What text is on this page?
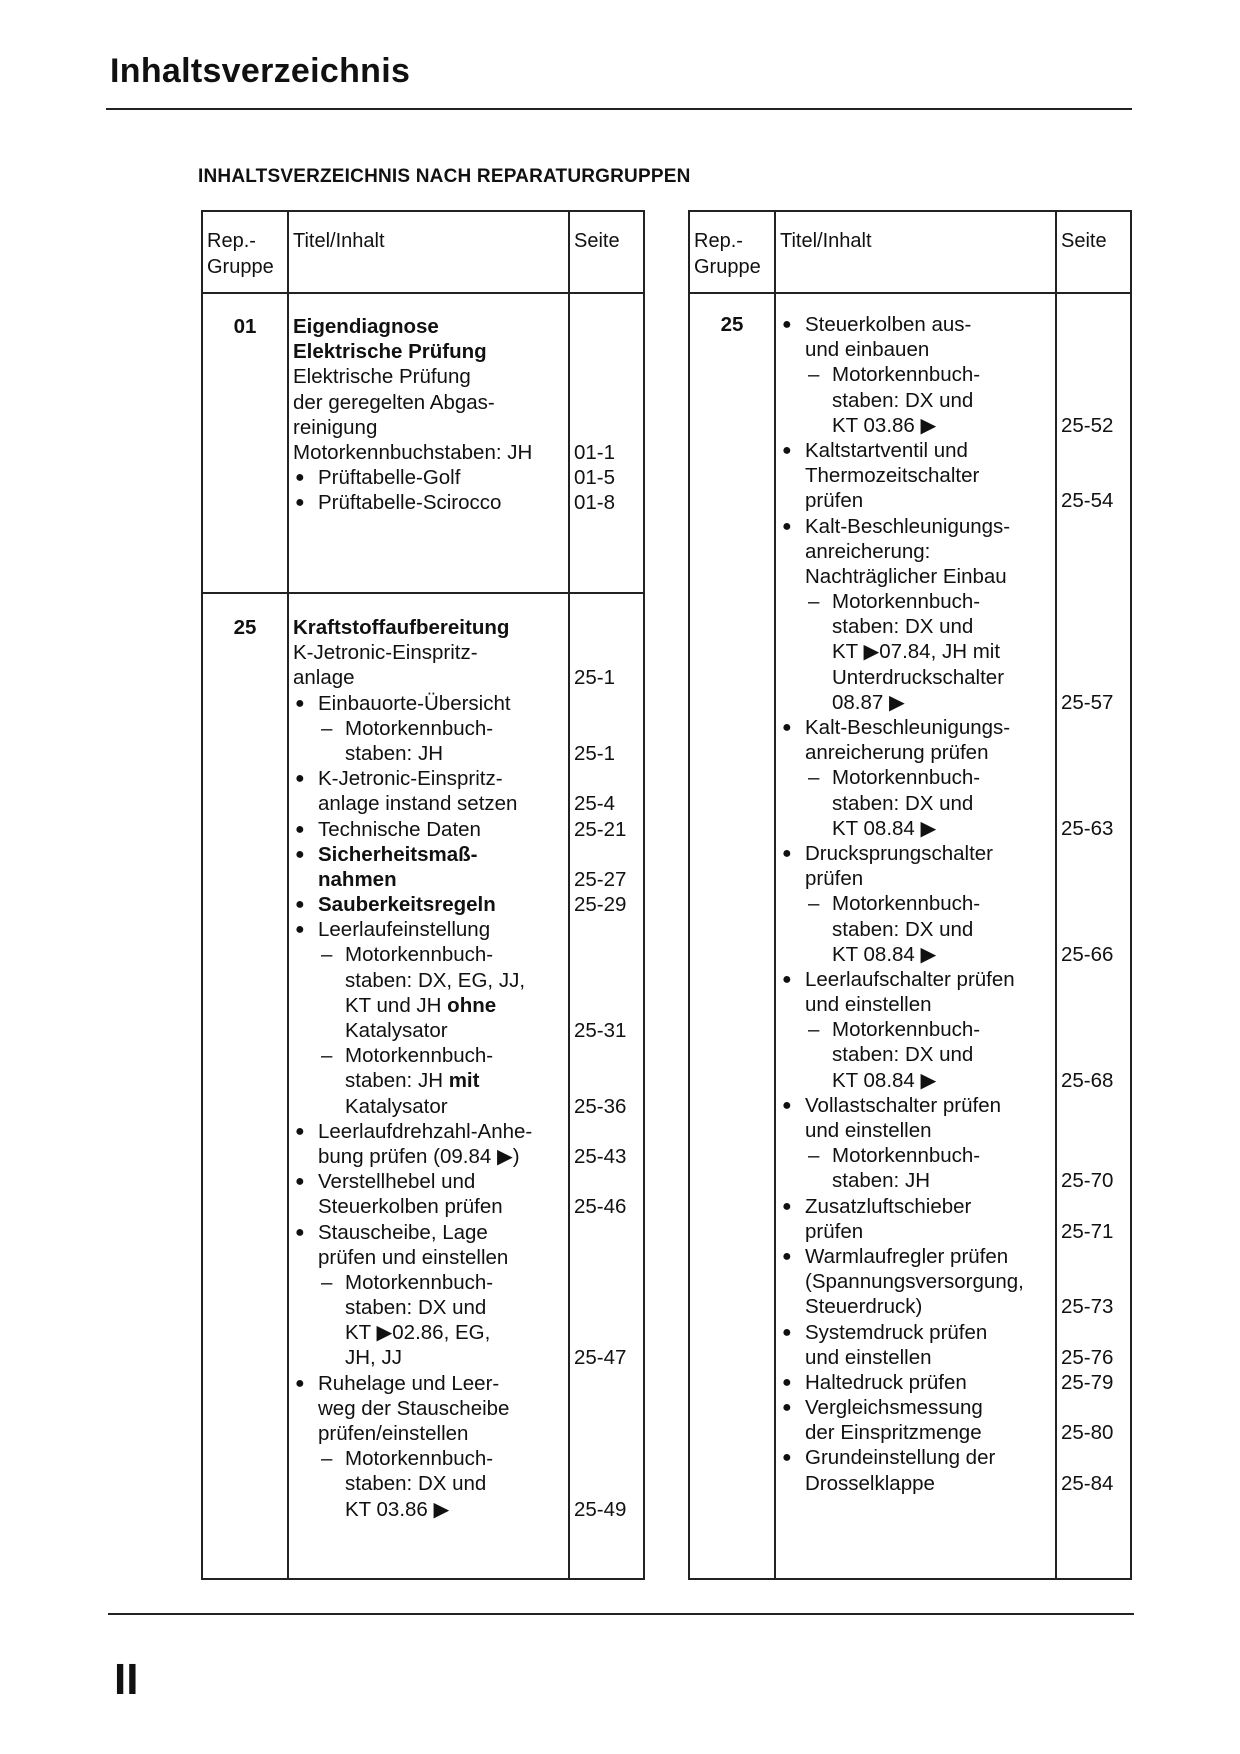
Inhaltsverzeichnis
INHALTSVERZEICHNIS NACH REPARATURGRUPPEN
Rep.-
Gruppe
Titel/Inhalt	Seite
01	Eigendiagnose
Elektrische Prüfung
Elektrische Prüfung
der geregelten Abgas-
reinigung
Motorkennbuchstaben: JH 01-1
● Prüftabelle-Golf	01-5
● Prüftabelle-Scirocco	01-8
25	Kraftstoffaufbereitung
K-Jetronic-Einspritz-
anlage	25-1
● Einbauorte-Übersicht
– Motorkennbuch-
staben: JH	25-1
● K-Jetronic-Einspritz-
anlage instand setzen	25-4
● Technische Daten	25-21
● Sicherheitsmaß-
nahmen	25-27
● Sauberkeitsregeln	25-29
● Leerlaufeinstellung
– Motorkennbuch-
staben: DX, EG, JJ,
KT und JH ohne
Katalysator	25-31
– Motorkennbuch-
staben: JH mit
Katalysator	25-36
● Leerlaufdrehzahl-Anhe-
bung prüfen (09.84 ▶)	25-43
● Verstellhebel und
Steuerkolben prüfen	25-46
● Stauscheibe, Lage
prüfen und einstellen
– Motorkennbuch-
staben: DX und
KT ▶02.86, EG,
JH, JJ	25-47
● Ruhelage und Leer-
weg der Stauscheibe
prüfen/einstellen
– Motorkennbuch-
staben: DX und
KT 03.86 ▶	25-49
Rep.-
Gruppe
Titel/Inhalt	Seite
25	● Steuerkolben aus-
und einbauen
– Motorkennbuch-
staben: DX und
KT 03.86 ▶	25-52
● Kaltstartventil und
Thermozeitschalter
prüfen	25-54
● Kalt-Beschleunigungs-
anreicherung:
Nachträglicher Einbau
– Motorkennbuch-
staben: DX und
KT ▶07.84, JH mit
Unterdruckschalter
08.87 ▶	25-57
● Kalt-Beschleunigungs-
anreicherung prüfen
– Motorkennbuch-
staben: DX und
KT 08.84 ▶	25-63
● Drucksprungschalter
prüfen
– Motorkennbuch-
staben: DX und
KT 08.84 ▶	25-66
● Leerlaufschalter prüfen
und einstellen
– Motorkennbuch-
staben: DX und
KT 08.84 ▶	25-68
● Vollastschalter prüfen
und einstellen
– Motorkennbuch-
staben: JH	25-70
● Zusatzluftschieber
prüfen	25-71
● Warmlaufregler prüfen
(Spannungsversorgung,
Steuerdruck)	25-73
● Systemdruck prüfen
und einstellen	25-76
● Haltedruck prüfen	25-79
● Vergleichsmessung
der Einspritzmenge	25-80
● Grundeinstellung der
Drosselklappe	25-84
II
